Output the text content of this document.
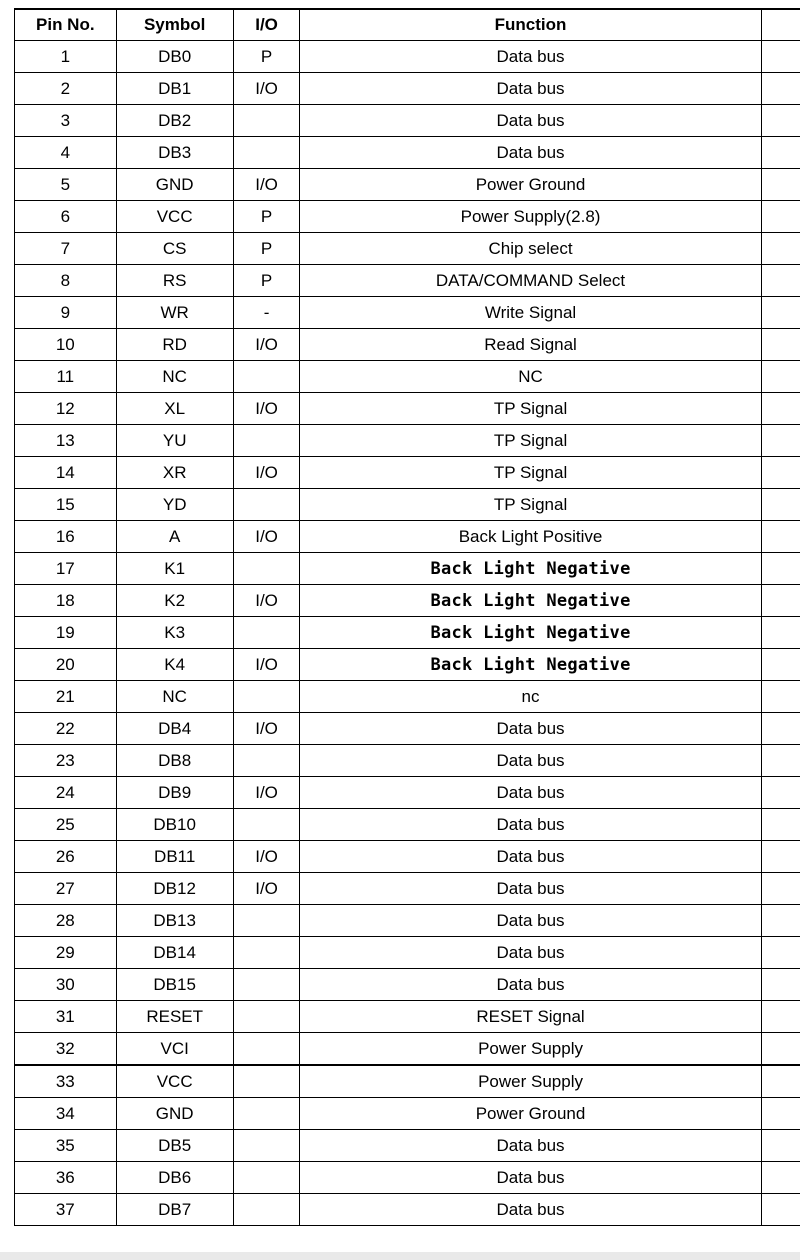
Pin No.	Symbol	I/O	Function	
1	DB0	P	Data bus	
2	DB1	I/O	Data bus	
3	DB2		Data bus	
4	DB3		Data bus	
5	GND	I/O	Power Ground	
6	VCC	P	Power Supply(2.8)	
7	CS	P	Chip select	
8	RS	P	DATA/COMMAND Select	
9	WR	-	Write Signal	
10	RD	I/O	Read Signal	
11	NC		NC	
12	XL	I/O	TP Signal	
13	YU		TP Signal	
14	XR	I/O	TP Signal	
15	YD		TP Signal	
16	A	I/O	Back Light Positive	
17	K1		Back Light Negative	
18	K2	I/O	Back Light Negative	
19	K3		Back Light Negative	
20	K4	I/O	Back Light Negative	
21	NC		nc	
22	DB4	I/O	Data bus	
23	DB8		Data bus	
24	DB9	I/O	Data bus	
25	DB10		Data bus	
26	DB11	I/O	Data bus	
27	DB12	I/O	Data bus	
28	DB13		Data bus	
29	DB14		Data bus	
30	DB15		Data bus	
31	RESET		RESET Signal	
32	VCI		Power Supply	
33	VCC		Power Supply	
34	GND		Power Ground	
35	DB5		Data bus	
36	DB6		Data bus	
37	DB7		Data bus	
